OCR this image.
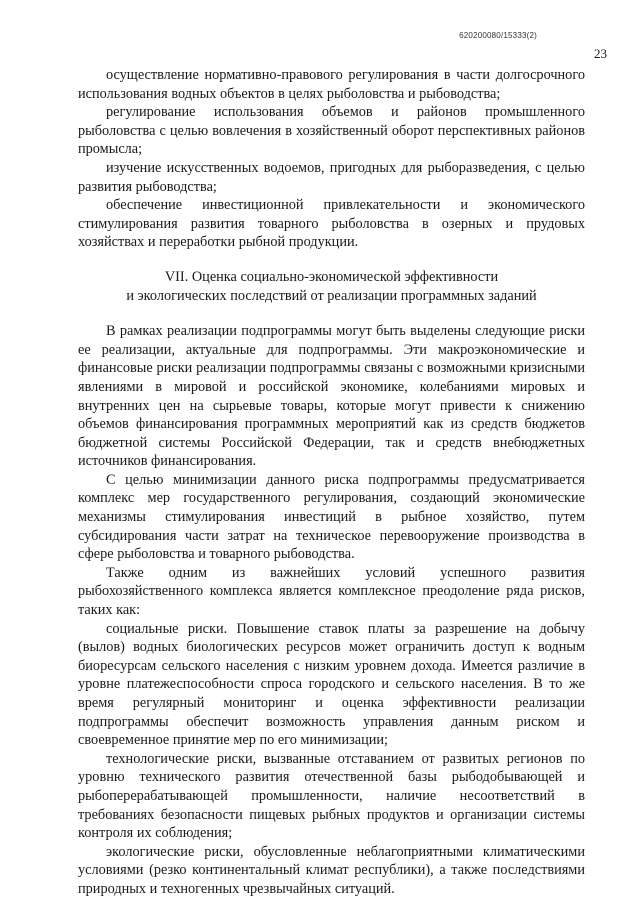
620200080/15333(2)
23

осуществление нормативно-правового регулирования в части долгосрочного использования водных объектов в целях рыболовства и рыбоводства;

регулирование использования объемов и районов промышленного рыболовства с целью вовлечения в хозяйственный оборот перспективных районов промысла;

изучение искусственных водоемов, пригодных для рыборазведения, с целью развития рыбоводства;

обеспечение инвестиционной привлекательности и экономического стимулирования развития товарного рыболовства в озерных и прудовых хозяйствах и переработки рыбной продукции.

VII. Оценка социально-экономической эффективности
и экологических последствий от реализации программных заданий

В рамках реализации подпрограммы могут быть выделены следующие риски ее реализации, актуальные для подпрограммы. Эти макроэкономические и финансовые риски реализации подпрограммы связаны с возможными кризисными явлениями в мировой и российской экономике, колебаниями мировых и внутренних цен на сырьевые товары, которые могут привести к снижению объемов финансирования программных мероприятий как из средств бюджетов бюджетной системы Российской Федерации, так и средств внебюджетных источников финансирования.

С целью минимизации данного риска подпрограммы предусматривается комплекс мер государственного регулирования, создающий экономические механизмы стимулирования инвестиций в рыбное хозяйство, путем субсидирования части затрат на техническое перевооружение производства в сфере рыболовства и товарного рыбоводства.

Также одним из важнейших условий успешного развития рыбохозяйственного комплекса является комплексное преодоление ряда рисков, таких как:

социальные риски. Повышение ставок платы за разрешение на добычу (вылов) водных биологических ресурсов может ограничить доступ к водным биоресурсам сельского населения с низким уровнем дохода. Имеется различие в уровне платежеспособности спроса городского и сельского населения. В то же время регулярный мониторинг и оценка эффективности реализации подпрограммы обеспечит возможность управления данным риском и своевременное принятие мер по его минимизации;

технологические риски, вызванные отставанием от развитых регионов по уровню технического развития отечественной базы рыбодобывающей и рыбоперерабатывающей промышленности, наличие несоответствий в требованиях безопасности пищевых рыбных продуктов и организации системы контроля их соблюдения;

экологические риски, обусловленные неблагоприятными климатическими условиями (резко континентальный климат республики), а также последствиями природных и техногенных чрезвычайных ситуаций.
